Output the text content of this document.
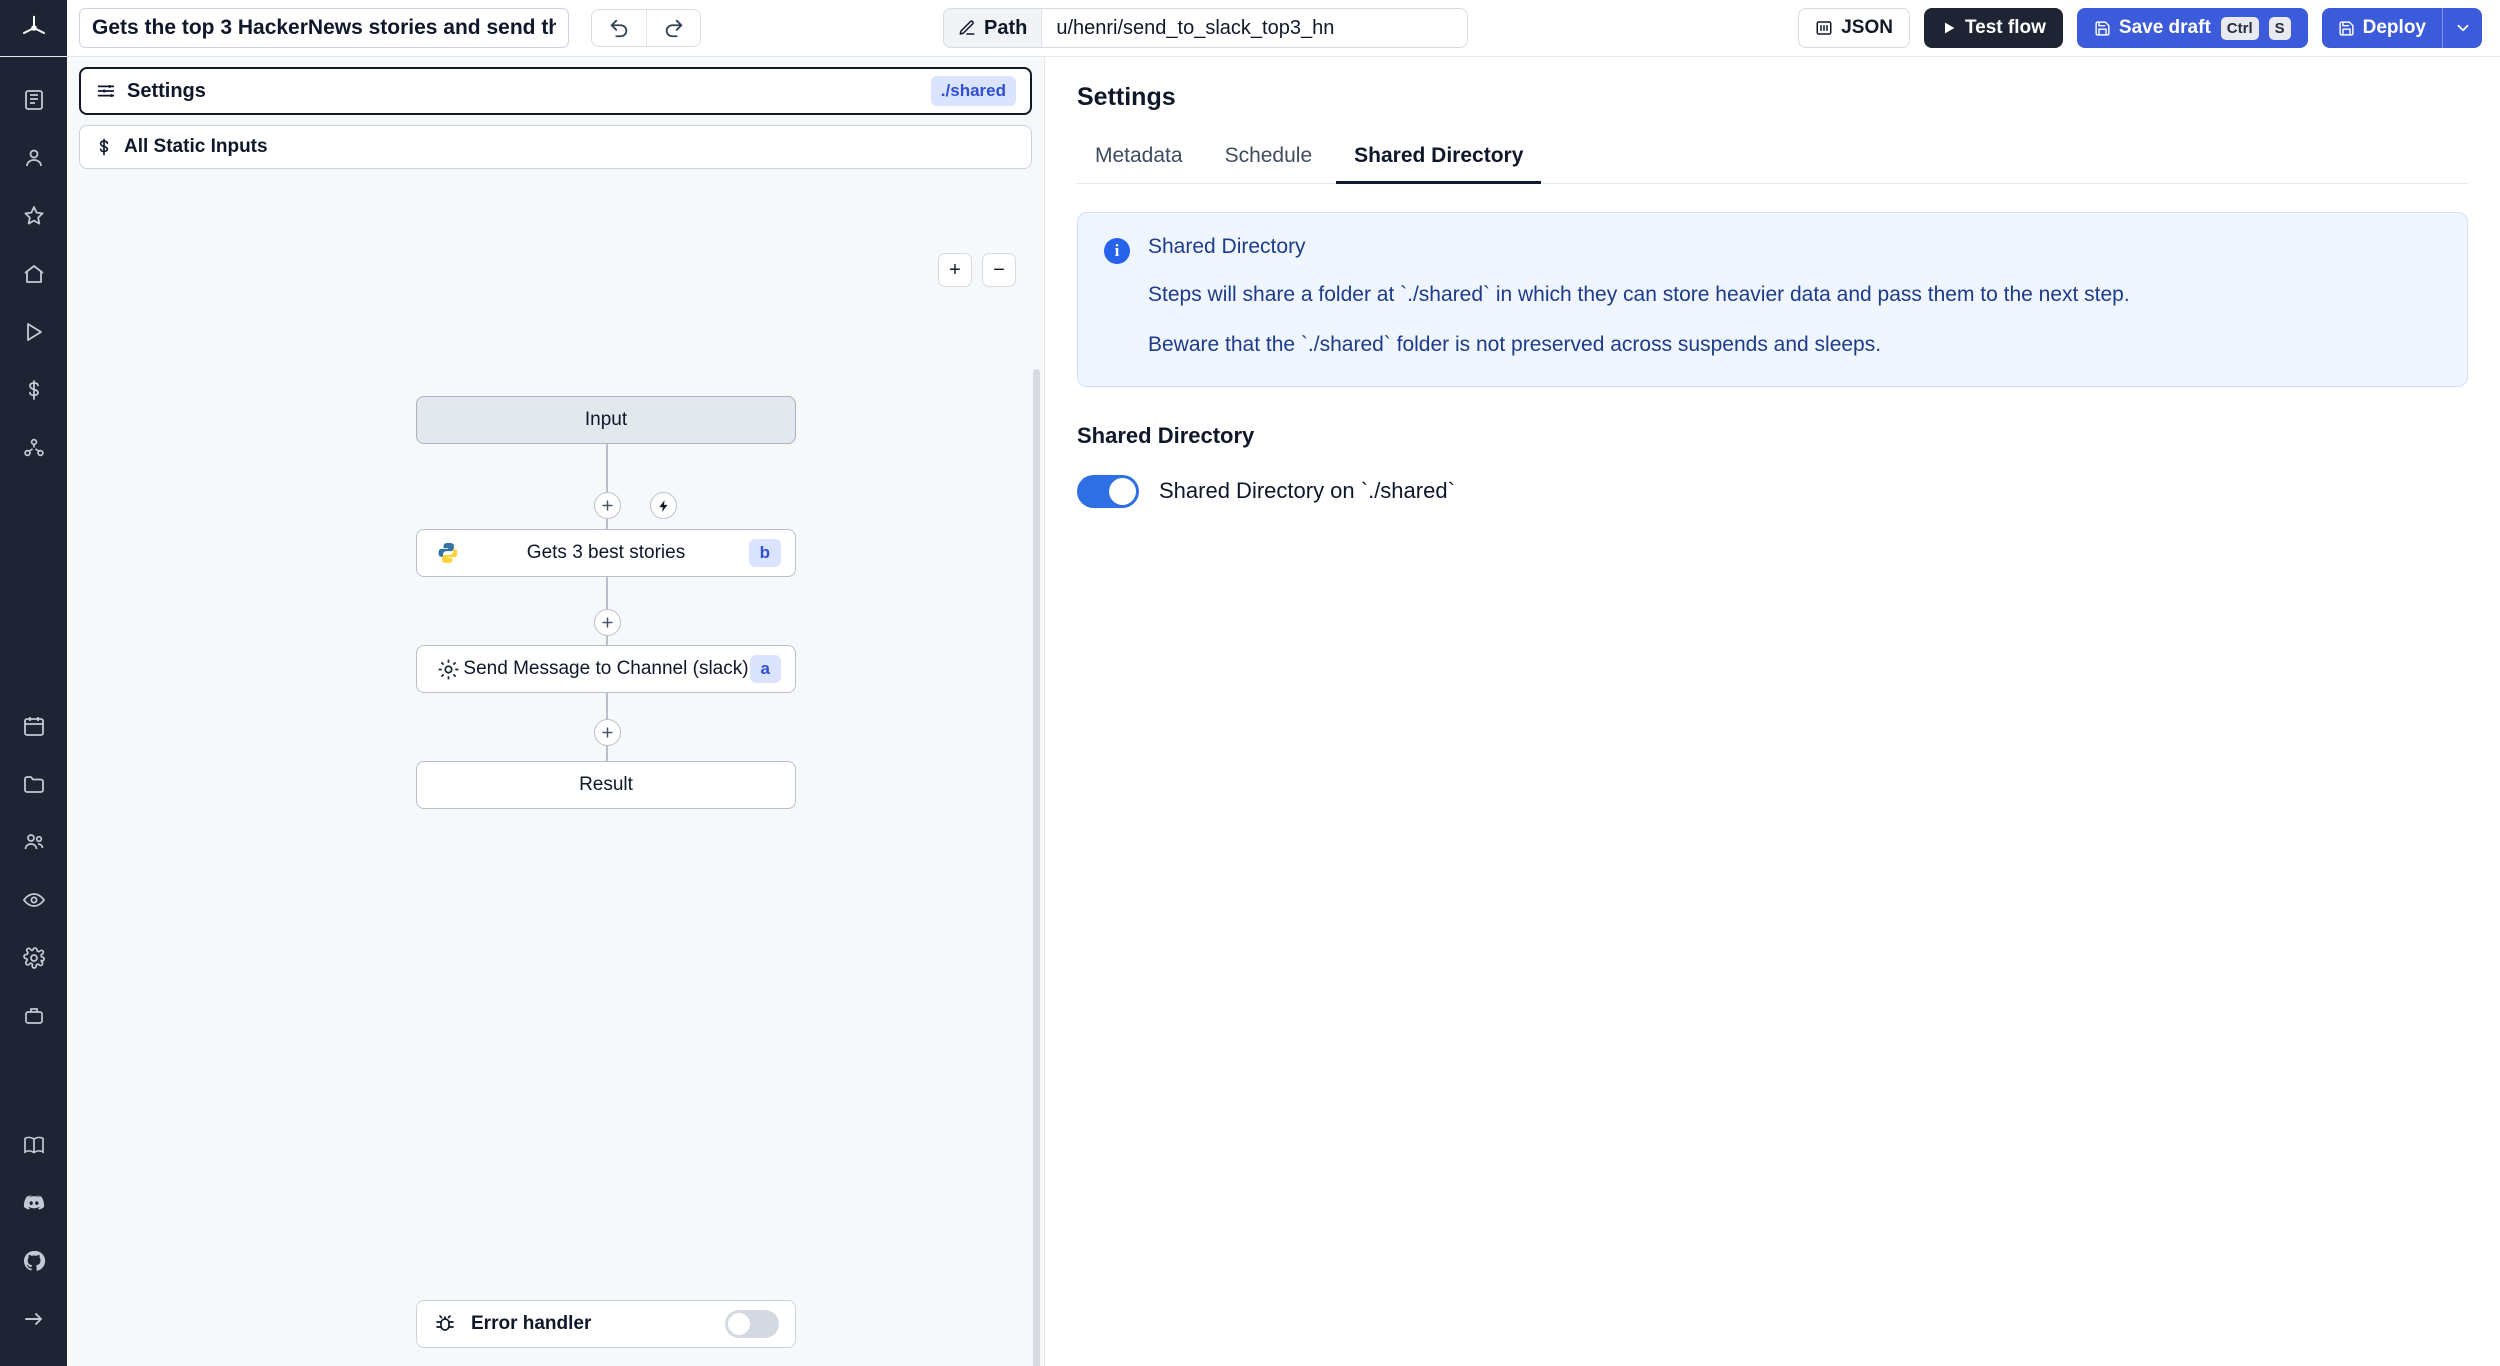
Gets the top 3 HackerNews stories and send them
Path
u/henri/send_to_slack_top3_hn	JSON	Test flow	Save draft	Ctrl	S	Deploy
Settings	./shared
All Static Inputs
+	−
Input
Gets 3 best stories	b
Send Message to Channel (slack) a
Result
Error handler
Settings
Metadata	Schedule	Shared Directory
i	Shared Directory
Steps will share a folder at `./shared` in which they can store heavier data and pass them to the next step.
Beware that the `./shared` folder is not preserved across suspends and sleeps.
Shared Directory
Shared Directory on `./shared`
